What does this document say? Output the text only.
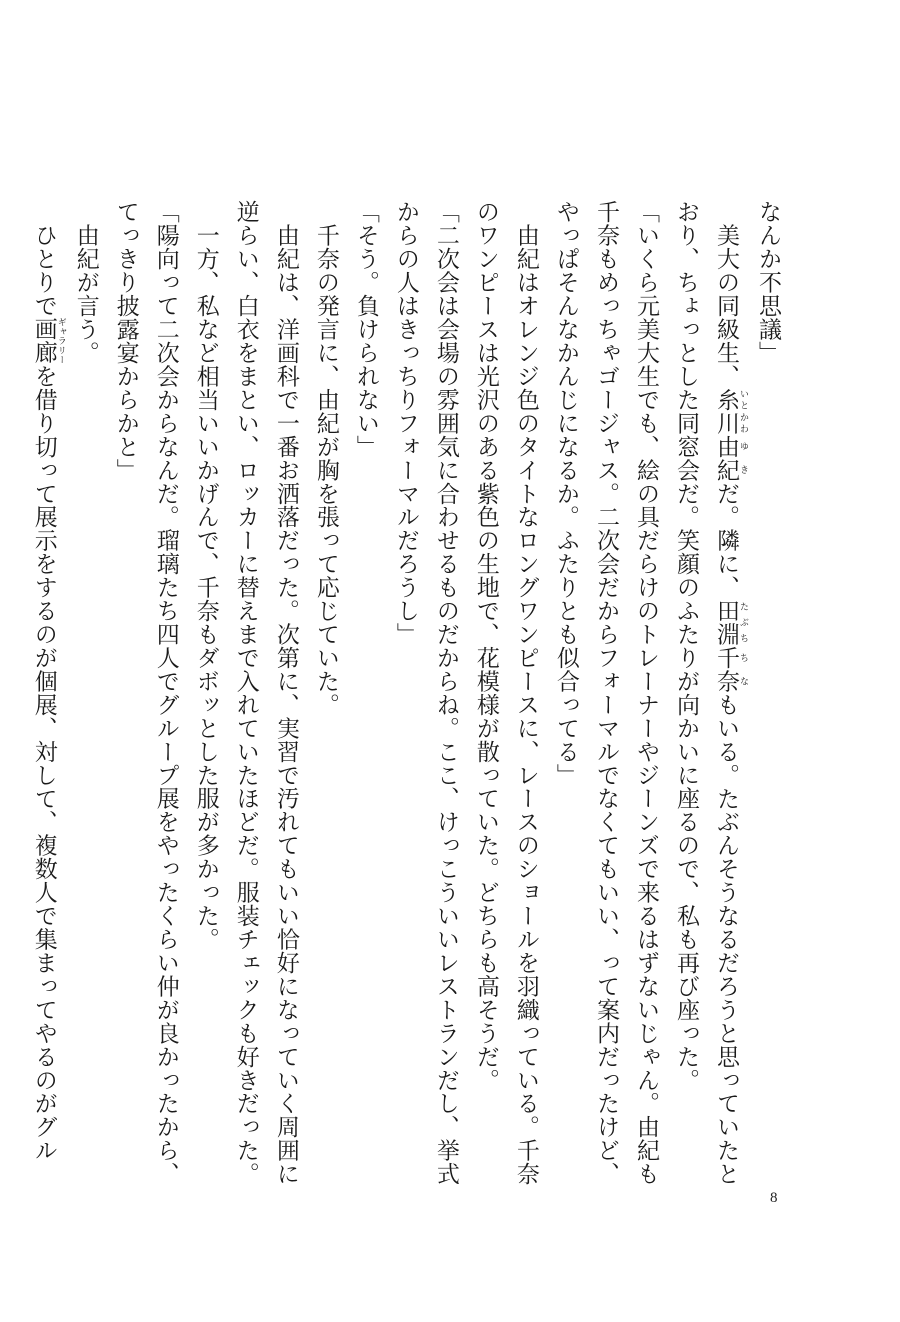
なんか不思議」

　美大の同級生、糸川 いとかわ由紀 ゆきだ。隣に、田淵 たぶち千奈 ちなもいる。たぶんそうなるだろうと思っていたと

おり、ちょっとした同窓会だ。笑顔のふたりが向かいに座るので、私も再び座った。

「いくら元美大生でも、絵の具だらけのトレーナーやジーンズで来るはずないじゃん。由紀も

千奈もめっちゃゴージャス。二次会だからフォーマルでなくてもいい、って案内だったけど、

やっぱそんなかんじになるか。ふたりとも似合ってる」

　由紀はオレンジ色のタイトなロングワンピースに、レースのショールを羽織っている。千奈

のワンピースは光沢のある紫色の生地で、花模様が散っていた。どちらも高そうだ。

「二次会は会場の雰囲気に合わせるものだからね。ここ、けっこういいレストランだし、挙式

からの人はきっちりフォーマルだろうし」

「そう。負けられない」

　千奈の発言に、由紀が胸を張って応じていた。

　由紀は、洋画科で一番お洒落だった。次第に、実習で汚れてもいい恰好になっていく周囲に

逆らい、白衣をまとい、ロッカーに替えまで入れていたほどだ。服装チェックも好きだった。

　一方、私など相当いいかげんで、千奈もダボッとした服が多かった。

「陽向って二次会からなんだ。瑠璃たち四人でグループ展をやったくらい仲が良かったから、

てっきり披露宴からかと」

　由紀が言う。

　ひとりで画廊 ギャラリーを借り切って展示をするのが個展、対して、複数人で集まってやるのがグル

8
